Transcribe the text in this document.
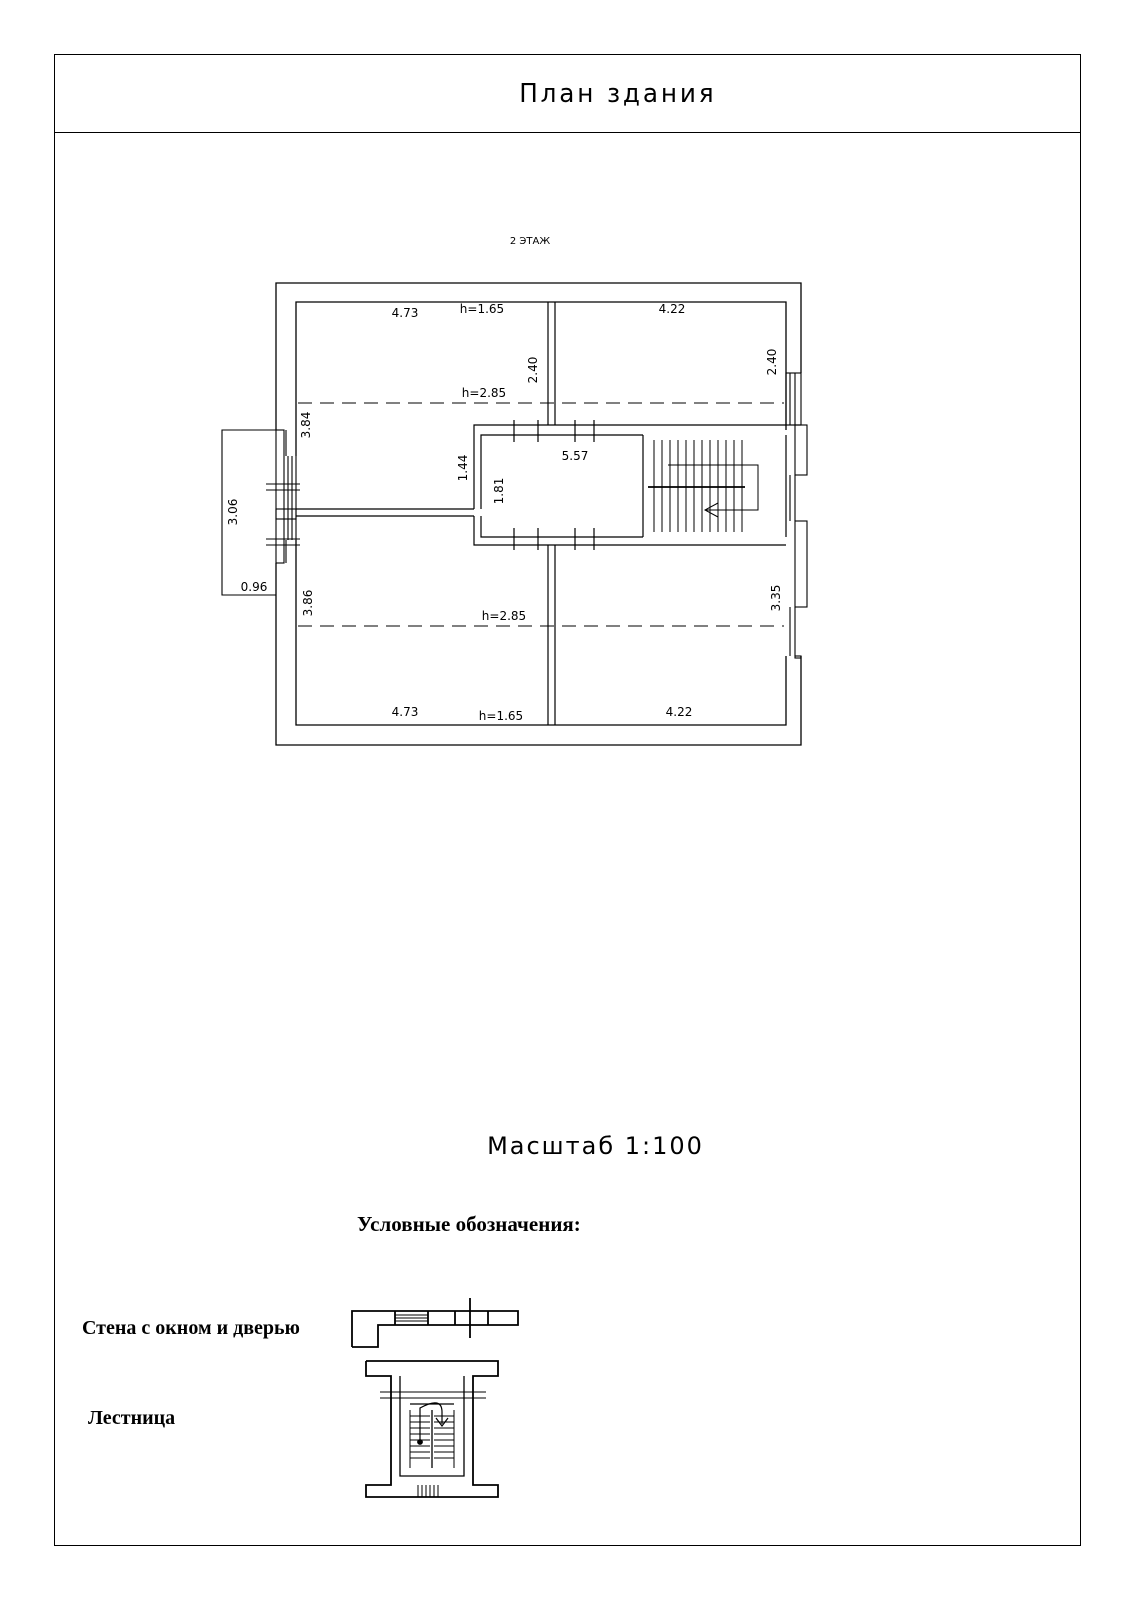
План здания
2 ЭТАЖ
4.73	h=1.65	4.22
2.40	2.40
h=2.85
3.84
1.44	5.57
1.81
3.06
0.96
3.86	h=2.85
3.35
4.73	h=1.65	4.22
Масштаб 1:100
Условные обозначения:
Стена с окном и дверью
Лестница
